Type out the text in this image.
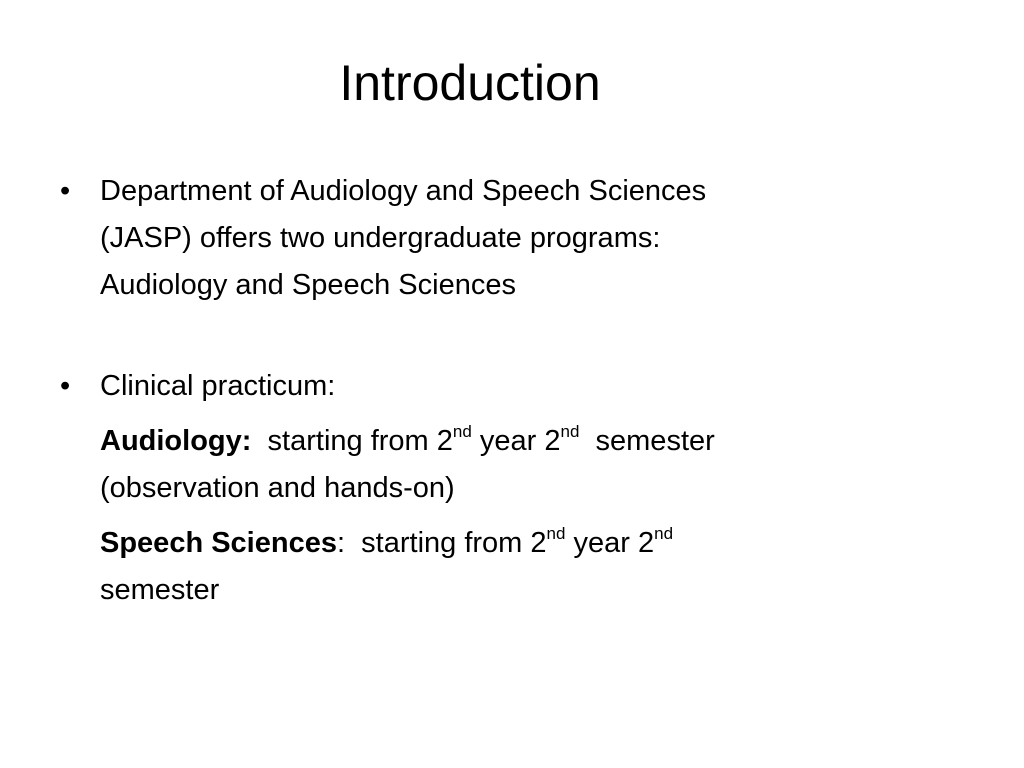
Introduction
•	Department of Audiology and Speech Sciences
(JASP) offers two undergraduate programs:
Audiology and Speech Sciences
•	Clinical practicum:
Audiology: starting from 2nd year 2nd  semester
(observation and hands-on)
Speech Sciences: starting from 2nd year 2nd
semester
